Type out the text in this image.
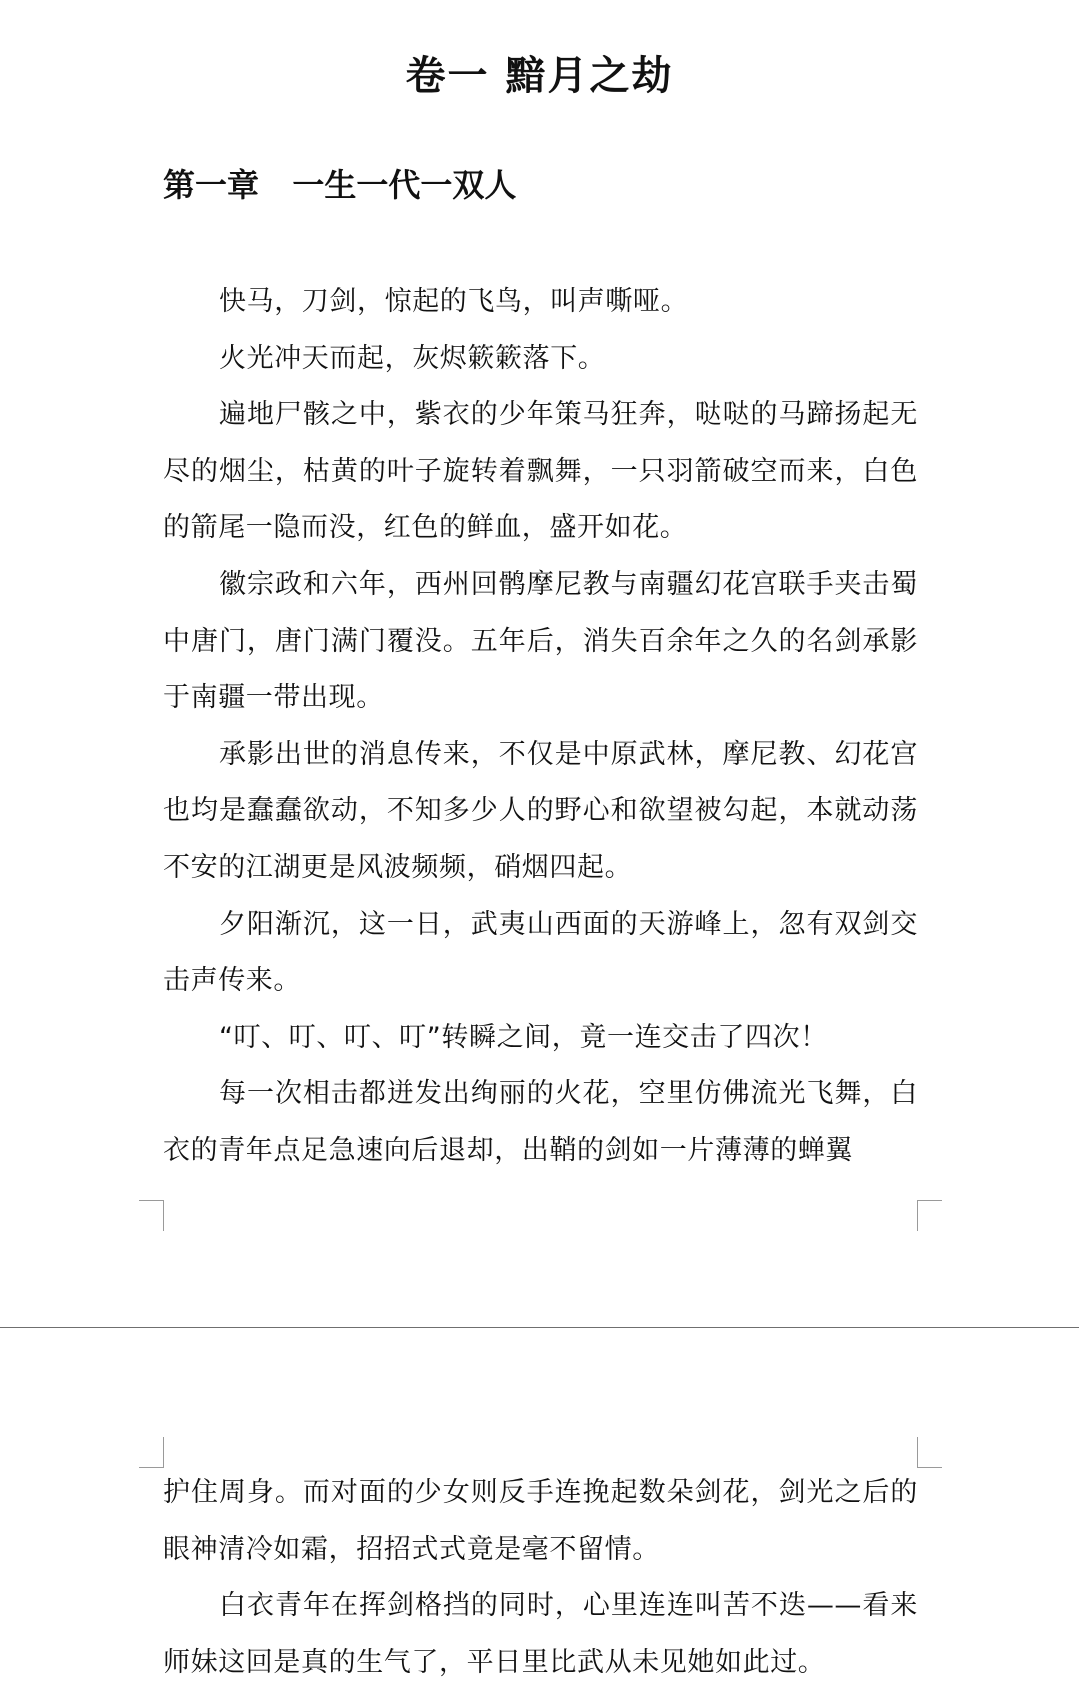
卷一 黯月之劫
第一章   一生一代一双人

快马，刀剑，惊起的飞鸟，叫声嘶哑。

火光冲天而起，灰烬簌簌落下。

遍地尸骸之中，紫衣的少年策马狂奔，哒哒的马蹄扬起无尽的烟尘，枯黄的叶子旋转着飘舞，一只羽箭破空而来，白色的箭尾一隐而没，红色的鲜血，盛开如花。

徽宗政和六年，西州回鹘摩尼教与南疆幻花宫联手夹击蜀中唐门，唐门满门覆没。五年后，消失百余年之久的名剑承影于南疆一带出现。

承影出世的消息传来，不仅是中原武林，摩尼教、幻花宫也均是蠢蠢欲动，不知多少人的野心和欲望被勾起，本就动荡不安的江湖更是风波频频，硝烟四起。

夕阳渐沉，这一日，武夷山西面的天游峰上，忽有双剑交击声传来。

“叮、叮、叮、叮”转瞬之间，竟一连交击了四次！

每一次相击都迸发出绚丽的火花，空里仿佛流光飞舞，白衣的青年点足急速向后退却，出鞘的剑如一片薄薄的蝉翼

护住周身。而对面的少女则反手连挽起数朵剑花，剑光之后的眼神清冷如霜，招招式式竟是毫不留情。

白衣青年在挥剑格挡的同时，心里连连叫苦不迭——看来师妹这回是真的生气了，平日里比武从未见她如此过。
